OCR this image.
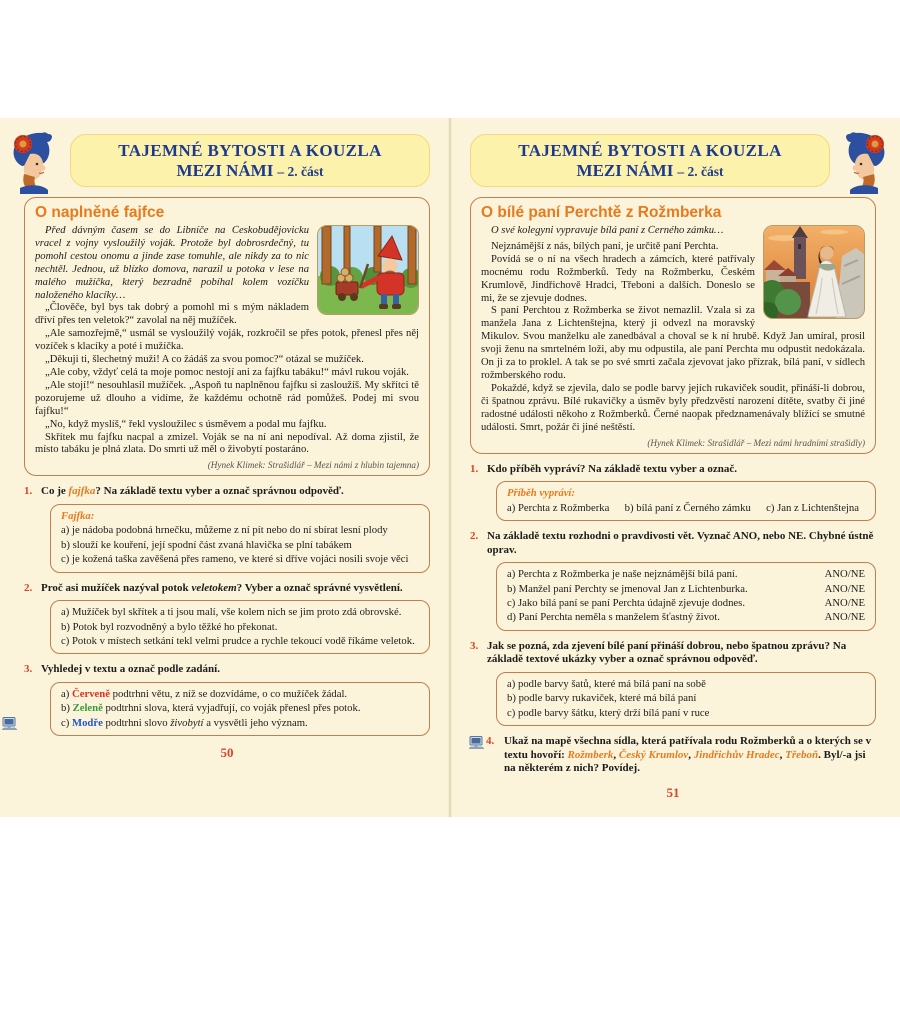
TAJEMNÉ BYTOSTI A KOUZLA
MEZI NÁMI – 2. část
O naplněné fajfce

Před dávným časem se do Libníče na Českobudějovicku vracel z vojny vysloužilý voják. Protože byl dobrosrdečný, tu pomohl cestou onomu a jinde zase tomuhle, ale nikdy za to nic nechtěl. Jednou, už blízko domova, narazil u potoka v lese na malého mužíčka, který bezradně pobíhal kolem vozíčku naloženého klacíky…

„Člověče, byl bys tak dobrý a pomohl mi s mým nákladem dříví přes ten veletok?“ zavolal na něj mužíček.

„Ale samozřejmě,“ usmál se vysloužilý voják, rozkročil se přes potok, přenesl přes něj vozíček s klacíky a poté i mužíčka.

„Děkuji ti, šlechetný muži! A co žádáš za svou pomoc?“ otázal se mužíček.

„Ale coby, vždyť celá ta moje pomoc nestojí ani za fajfku tabáku!“ mávl rukou voják.

„Ale stojí!“ nesouhlasil mužíček. „Aspoň tu naplněnou fajfku si zasloužíš. My skřítci tě pozorujeme už dlouho a vidíme, že každému ochotně rád pomůžeš. Podej mi svou fajfku!“

„No, když myslíš,“ řekl vysloužilec s úsměvem a podal mu fajfku.

Skřítek mu fajfku nacpal a zmizel. Voják se na ní ani nepodíval. Až doma zjistil, že místo tabáku je plná zlata. Do smrti už měl o živobytí postaráno.

(Hynek Klimek: Strašidlář – Mezi námi z hlubin tajemna)
1. Co je fajfka? Na základě textu vyber a označ správnou odpověď.
Fajfka:
a) je nádoba podobná hrnečku, můžeme z ní pít nebo do ní sbírat lesní plody
b) slouží ke kouření, její spodní část zvaná hlavička se plní tabákem
c) je kožená taška zavěšená přes rameno, ve které si dříve vojáci nosili svoje věci
2. Proč asi mužíček nazýval potok veletokem? Vyber a označ správné vysvětlení.
a) Mužíček byl skřítek a ti jsou malí, vše kolem nich se jim proto zdá obrovské.
b) Potok byl rozvodněný a bylo těžké ho překonat.
c) Potok v místech setkání tekl velmi prudce a rychle tekoucí vodě říkáme veletok.
3. Vyhledej v textu a označ podle zadání.
a) Červeně podtrhni větu, z níž se dozvídáme, o co mužíček žádal.
b) Zeleně podtrhni slova, která vyjadřují, co voják přenesl přes potok.
c) Modře podtrhni slovo živobytí a vysvětli jeho význam.
50
TAJEMNÉ BYTOSTI A KOUZLA
MEZI NÁMI – 2. část
O bílé paní Perchtě z Rožmberka

O své kolegyni vypravuje bílá paní z Černého zámku…

Nejznámější z nás, bílých paní, je určitě paní Perchta.

Povídá se o ní na všech hradech a zámcích, které patřívaly mocnému rodu Rožmberků. Tedy na Rožmberku, Českém Krumlově, Jindřichově Hradci, Třeboni a dalších. Doneslo se mi, že se zjevuje dodnes.

S paní Perchtou z Rožmberka se život nemazlil. Vzala si za manžela Jana z Lichtenštejna, který ji odvezl na moravský Mikulov. Svou manželku ale zanedbával a choval se k ní hrubě. Když Jan umíral, prosil svoji ženu na smrtelném loži, aby mu odpustila, ale paní Perchta mu odpustit nedokázala. On ji za to proklel. A tak se po své smrti začala zjevovat jako přízrak, bílá paní, v sídlech rožmberského rodu.

Pokaždé, když se zjevila, dalo se podle barvy jejích rukaviček soudit, přináší-li dobrou, či špatnou zprávu. Bílé rukavičky a úsměv byly předzvěstí narození dítěte, svatby či jiné radostné události někoho z Rožmberků. Černé naopak předznamenávaly blížící se smutné události. Smrt, požár či jiné neštěstí.

(Hynek Klimek: Strašidlář – Mezi námi hradními strašidly)
1. Kdo příběh vypráví? Na základě textu vyber a označ.
Příběh vypráví:
a) Perchta z Rožmberka b) bílá paní z Černého zámku c) Jan z Lichtenštejna
2. Na základě textu rozhodni o pravdivosti vět. Vyznač ANO, nebo NE. Chybné ústně oprav.
a) Perchta z Rožmberka je naše nejznámější bílá paní.	ANO/NE
b) Manžel paní Perchty se jmenoval Jan z Lichtenburka.	ANO/NE
c) Jako bílá paní se paní Perchta údajně zjevuje dodnes.	ANO/NE
d) Paní Perchta neměla s manželem šťastný život.	ANO/NE
3. Jak se pozná, zda zjevení bílé paní přináší dobrou, nebo špatnou zprávu? Na základě textové ukázky vyber a označ správnou odpověď.
a) podle barvy šatů, které má bílá paní na sobě
b) podle barvy rukaviček, které má bílá paní
c) podle barvy šátku, který drží bílá paní v ruce
4. Ukaž na mapě všechna sídla, která patřívala rodu Rožmberků a o kterých se v textu hovoří: Rožmberk, Český Krumlov, Jindřichův Hradec, Třeboň. Byl/-a jsi na některém z nich? Povídej.
51
